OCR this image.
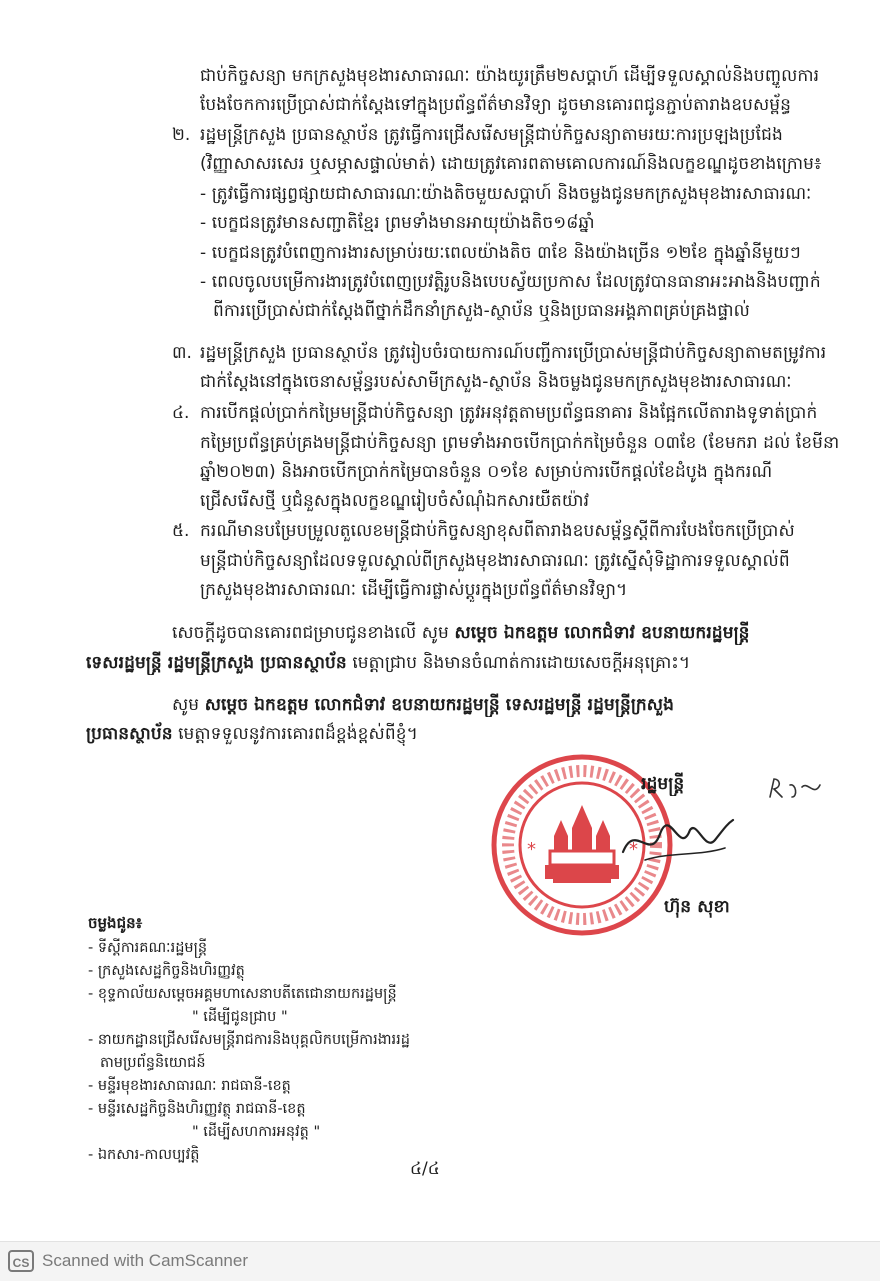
ជាប់កិច្ចសន្យា មកក្រសួងមុខងារសាធារណៈ យ៉ាងយូរត្រឹម២សប្តាហ៍ ដើម្បីទទួលស្គាល់និងបញ្ចូលការ
បែងចែកការប្រើប្រាស់ជាក់ស្តែងទៅក្នុងប្រព័ន្ធព័ត៌មានវិទ្យា ដូចមានគោរពជូនភ្ជាប់តារាងឧបសម្ព័ន្ធ
២. រដ្ឋមន្ត្រីក្រសួង ប្រធានស្ថាប័ន ត្រូវធ្វើការជ្រើសរើសមន្ត្រីជាប់កិច្ចសន្យាតាមរយៈការប្រឡងប្រជែង
(វិញ្ញាសាសរសេរ ឬសម្ភាសផ្ទាល់មាត់) ដោយត្រូវគោរពតាមគោលការណ៍និងលក្ខខណ្ឌដូចខាងក្រោម៖
- ត្រូវធ្វើការផ្សព្វផ្សាយជាសាធារណៈយ៉ាងតិចមួយសប្តាហ៍ និងចម្លងជូនមកក្រសួងមុខងារសាធារណៈ
- បេក្ខជនត្រូវមានសញ្ជាតិខ្មែរ ព្រមទាំងមានអាយុយ៉ាងតិច១៨ឆ្នាំ
- បេក្ខជនត្រូវបំពេញការងារសម្រាប់រយៈពេលយ៉ាងតិច ៣ខែ និងយ៉ាងច្រើន ១២ខែ ក្នុងឆ្នាំនីមួយៗ
- ពេលចូលបម្រើការងារត្រូវបំពេញប្រវត្តិរូបនិងបេបស្វ័យប្រកាស ដែលត្រូវបានធានាអះអាងនិងបញ្ជាក់
ពីការប្រើប្រាស់ជាក់ស្តែងពីថ្នាក់ដឹកនាំក្រសួង-ស្ថាប័ន ឬនិងប្រធានអង្គភាពគ្រប់គ្រងផ្ទាល់
៣. រដ្ឋមន្ត្រីក្រសួង ប្រធានស្ថាប័ន ត្រូវរៀបចំរបាយការណ៍បញ្ជីការប្រើប្រាស់មន្ត្រីជាប់កិច្ចសន្យាតាមតម្រូវការ
ជាក់ស្តែងនៅក្នុងចេនាសម្ព័ន្ធរបស់សាមីក្រសួង-ស្ថាប័ន និងចម្លងជូនមកក្រសួងមុខងារសាធារណៈ
៤. ការបើកផ្តល់ប្រាក់កម្រៃមន្ត្រីជាប់កិច្ចសន្យា ត្រូវអនុវត្តតាមប្រព័ន្ធធនាគារ និងផ្អែកលើតារាងទូទាត់ប្រាក់
កម្រៃប្រព័ន្ធគ្រប់គ្រងមន្ត្រីជាប់កិច្ចសន្យា ព្រមទាំងអាចបើកប្រាក់កម្រៃចំនួន ០៣ខែ (ខែមករា ដល់ ខែមីនា
ឆ្នាំ២០២៣) និងអាចបើកប្រាក់កម្រៃបានចំនួន ០១ខែ សម្រាប់ការបើកផ្តល់ខែដំបូង ក្នុងករណី
ជ្រើសរើសថ្មី ឬជំនួសក្នុងលក្ខខណ្ឌរៀបចំសំណុំឯកសារយឺតយ៉ាវ
៥. ករណីមានបម្រែបម្រួលតួលេខមន្ត្រីជាប់កិច្ចសន្យាខុសពីតារាងឧបសម្ព័ន្ធស្តីពីការបែងចែកប្រើប្រាស់
មន្ត្រីជាប់កិច្ចសន្យាដែលទទួលស្គាល់ពីក្រសួងមុខងារសាធារណៈ ត្រូវស្នើសុំទិដ្ឋាការទទួលស្គាល់ពី
ក្រសួងមុខងារសាធារណៈ ដើម្បីធ្វើការផ្លាស់ប្តូរក្នុងប្រព័ន្ធព័ត៌មានវិទ្យា។
សេចក្តីដូចបានគោរពជម្រាបជូនខាងលើ សូម សម្តេច ឯកឧត្តម លោកជំទាវ ឧបនាយករដ្ឋមន្ត្រី
ទេសរដ្ឋមន្ត្រី រដ្ឋមន្ត្រីក្រសួង ប្រធានស្ថាប័ន មេត្តាជ្រាប និងមានចំណាត់ការដោយសេចក្តីអនុគ្រោះ។
សូម សម្តេច ឯកឧត្តម លោកជំទាវ ឧបនាយករដ្ឋមន្ត្រី ទេសរដ្ឋមន្ត្រី រដ្ឋមន្ត្រីក្រសួង
ប្រធានស្ថាប័ន មេត្តាទទួលនូវការគោរពដ៏ខ្ពង់ខ្ពស់ពីខ្ញុំ។
*	*
រដ្ឋមន្ត្រី
ហ៊ុន សុខា
ចម្លងជូន៖
- ទីស្តីការគណៈរដ្ឋមន្ត្រី
- ក្រសួងសេដ្ឋកិច្ចនិងហិរញ្ញវត្ថុ
- ខុទ្ទកាល័យសម្តេចអគ្គមហាសេនាបតីតេជោនាយករដ្ឋមន្ត្រី
" ដើម្បីជូនជ្រាប "
- នាយកដ្ឋានជ្រើសរើសមន្ត្រីរាជការនិងបុគ្គលិកបម្រើការងាររដ្ឋ
តាមប្រព័ន្ធនិយោជន៍
- មន្ទីរមុខងារសាធារណៈ រាជធានី-ខេត្ត
- មន្ទីរសេដ្ឋកិច្ចនិងហិរញ្ញវត្ថុ រាជធានី-ខេត្ត
" ដើម្បីសហការអនុវត្ត "
- ឯកសារ-កាលប្បវត្តិ
៤/៤
CS Scanned with CamScanner
